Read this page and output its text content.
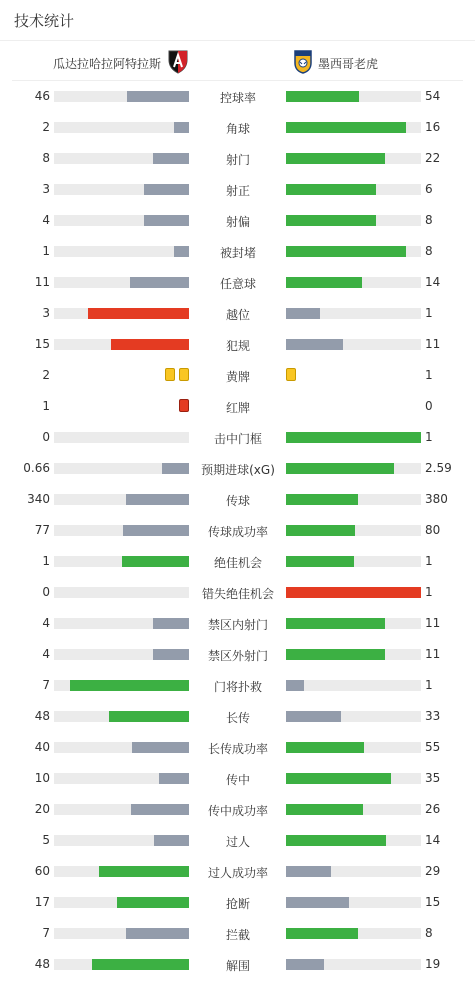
技术统计
瓜达拉哈拉阿特拉斯	墨西哥老虎
46	控球率	54
2	角球	16
8	射门	22
3	射正	6
4	射偏	8
1	被封堵	8
11	任意球	14
3	越位	1
15	犯规	11
2	黄牌	1
1	红牌	0
0	击中门框	1
0.66	预期进球(xG)	2.59
340	传球	380
77	传球成功率	80
1	绝佳机会	1
0	错失绝佳机会	1
4	禁区内射门	11
4	禁区外射门	11
7	门将扑救	1
48	长传	33
40	长传成功率	55
10	传中	35
20	传中成功率	26
5	过人	14
60	过人成功率	29
17	抢断	15
7	拦截	8
48	解围	19
